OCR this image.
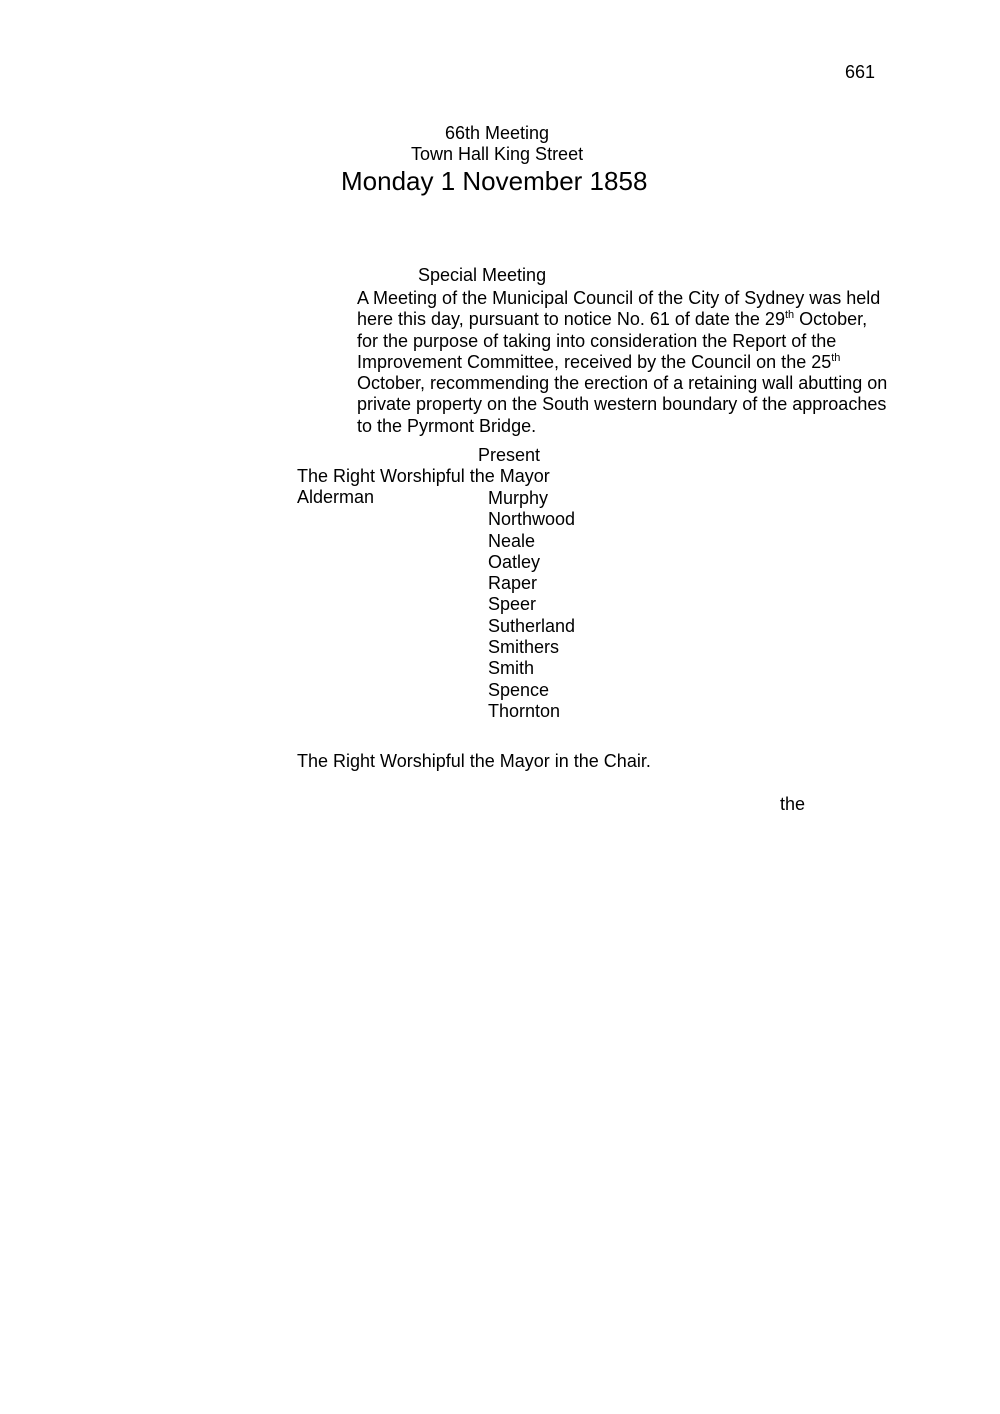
661
66th Meeting
Town Hall King Street
Monday 1 November 1858
Special Meeting
A Meeting of the Municipal Council of the City of Sydney was held
here this day, pursuant to notice No. 61 of date the 29th October,
for the purpose of taking into consideration the Report of the
Improvement Committee, received by the Council on the 25th
October, recommending the erection of a retaining wall abutting on
private property on the South western boundary of the approaches
to the Pyrmont Bridge.
Present
The Right Worshipful the Mayor
Alderman	Murphy
Northwood
Neale
Oatley
Raper
Speer
Sutherland
Smithers
Smith
Spence
Thornton
The Right Worshipful the Mayor in the Chair.
the
